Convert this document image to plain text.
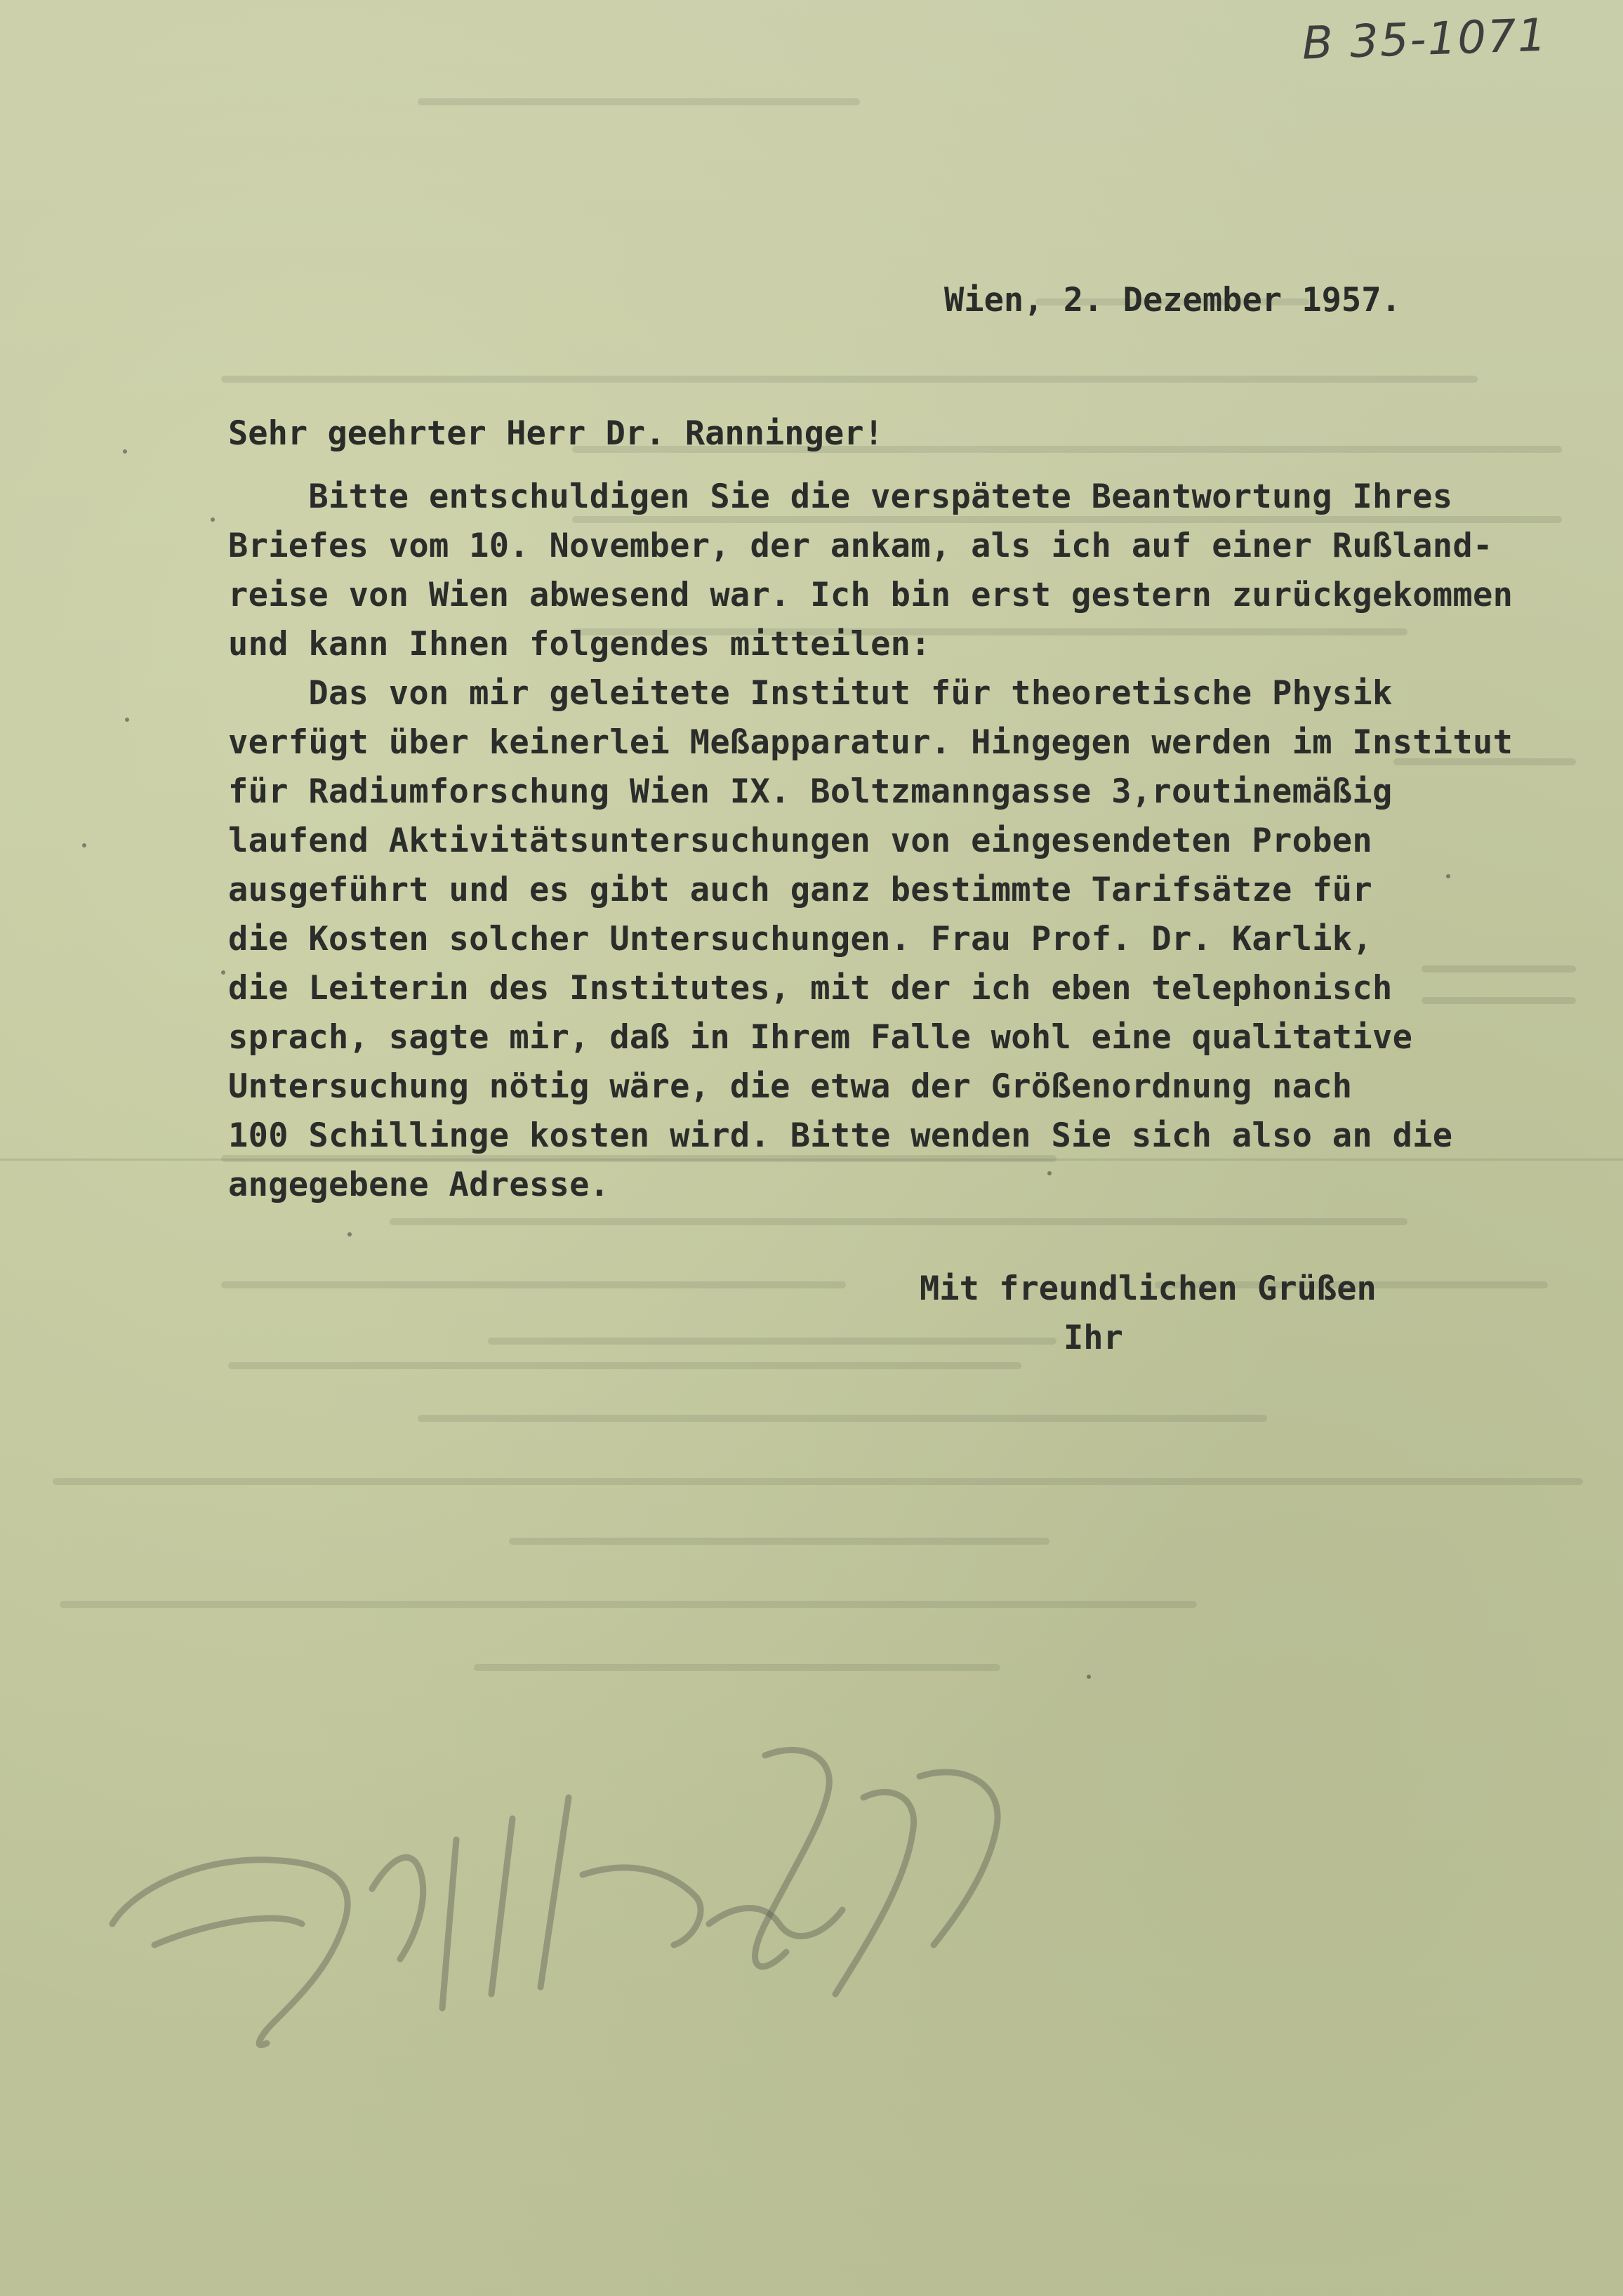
B 35-1071
Wien, 2. Dezember 1957.
Sehr geehrter Herr Dr. Ranninger!
Bitte entschuldigen Sie die verspätete Beantwortung Ihres
Briefes vom 10. November, der ankam, als ich auf einer Rußland-
reise von Wien abwesend war. Ich bin erst gestern zurückgekommen
und kann Ihnen folgendes mitteilen:
Das von mir geleitete Institut für theoretische Physik
verfügt über keinerlei Meßapparatur. Hingegen werden im Institut
für Radiumforschung Wien IX. Boltzmanngasse 3,routinemäßig
laufend Aktivitätsuntersuchungen von eingesendeten Proben
ausgeführt und es gibt auch ganz bestimmte Tarifsätze für
die Kosten solcher Untersuchungen. Frau Prof. Dr. Karlik,
die Leiterin des Institutes, mit der ich eben telephonisch
sprach, sagte mir, daß in Ihrem Falle wohl eine qualitative
Untersuchung nötig wäre, die etwa der Größenordnung nach
100 Schillinge kosten wird. Bitte wenden Sie sich also an die
angegebene Adresse.
Mit freundlichen Grüßen
Ihr
